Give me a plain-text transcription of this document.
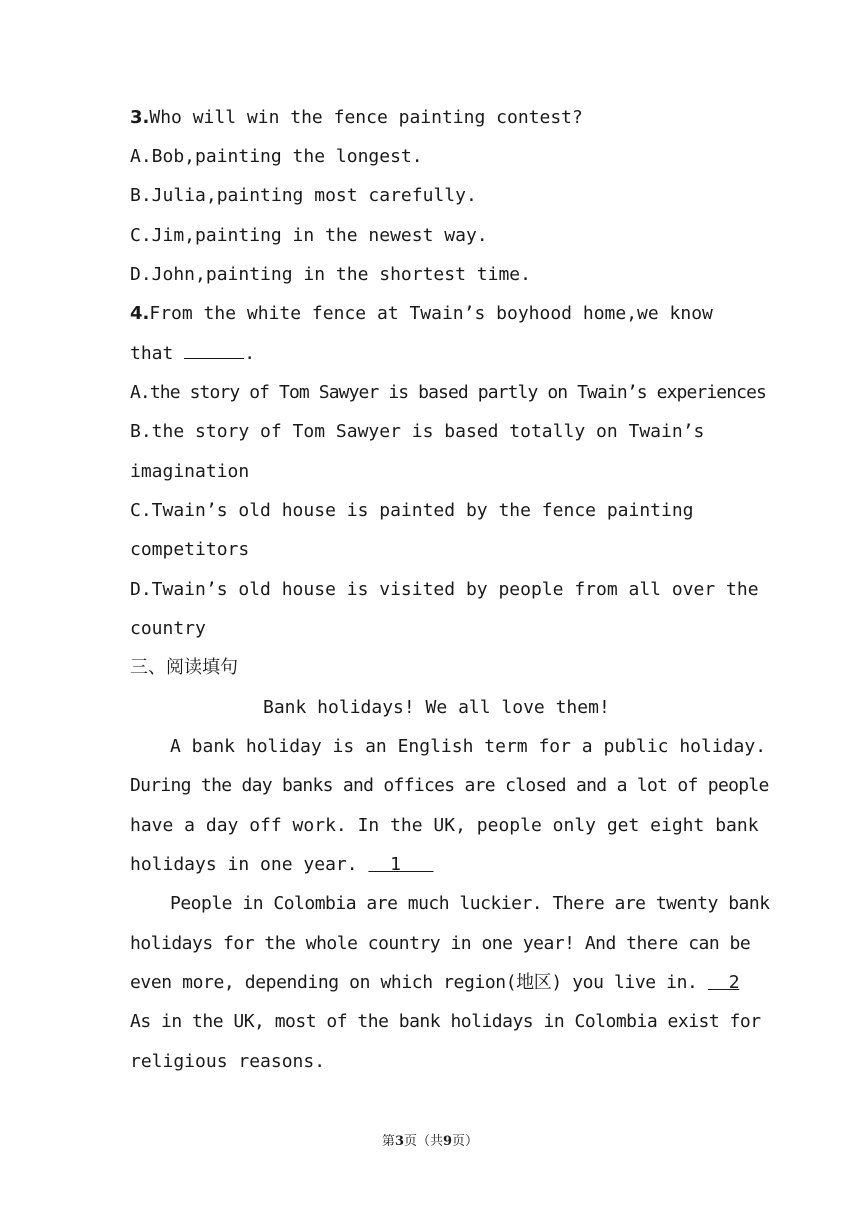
3.Who will win the fence painting contest?
A.Bob,painting the longest.
B.Julia,painting most carefully.
C.Jim,painting in the newest way.
D.John,painting in the shortest time.
4.From the white fence at Twain’s boyhood home,we know
that	.
A.the story of Tom Sawyer is based partly on Twain’s experiences
B.the story of Tom Sawyer is based totally on Twain’s
imagination
C.Twain’s old house is painted by the fence painting
competitors
D.Twain’s old house is visited by people from all over the
country
三、阅读填句
Bank holidays! We all love them!
A bank holiday is an English term for a public holiday.
During the day banks and offices are closed and a lot of people
have a day off work. In the UK, people only get eight bank
holidays in one year.   1
People in Colombia are much luckier. There are twenty bank
holidays for the whole country in one year! And there can be
even more, depending on which region(地区) you live in.   2
As in the UK, most of the bank holidays in Colombia exist for
religious reasons.
第3页（共9页）
